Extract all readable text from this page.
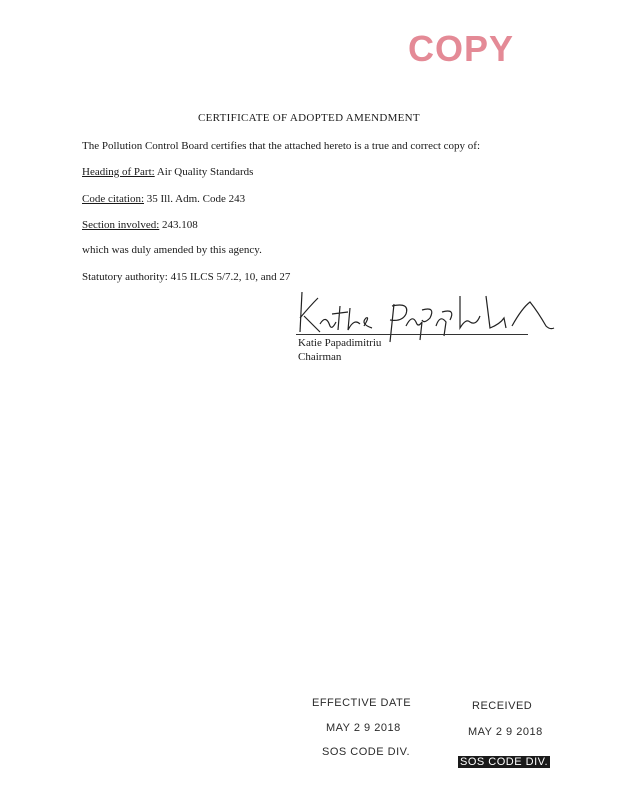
COPY
CERTIFICATE OF ADOPTED AMENDMENT
The Pollution Control Board certifies that the attached hereto is a true and correct copy of:
Heading of Part: Air Quality Standards
Code citation: 35 Ill. Adm. Code 243
Section involved: 243.108
which was duly amended by this agency.
Statutory authority: 415 ILCS 5/7.2, 10, and 27
Katie Papadimitriu
Chairman
EFFECTIVE DATE
MAY 2 9 2018
SOS CODE DIV.
RECEIVED
MAY 2 9 2018
SOS CODE DIV.
